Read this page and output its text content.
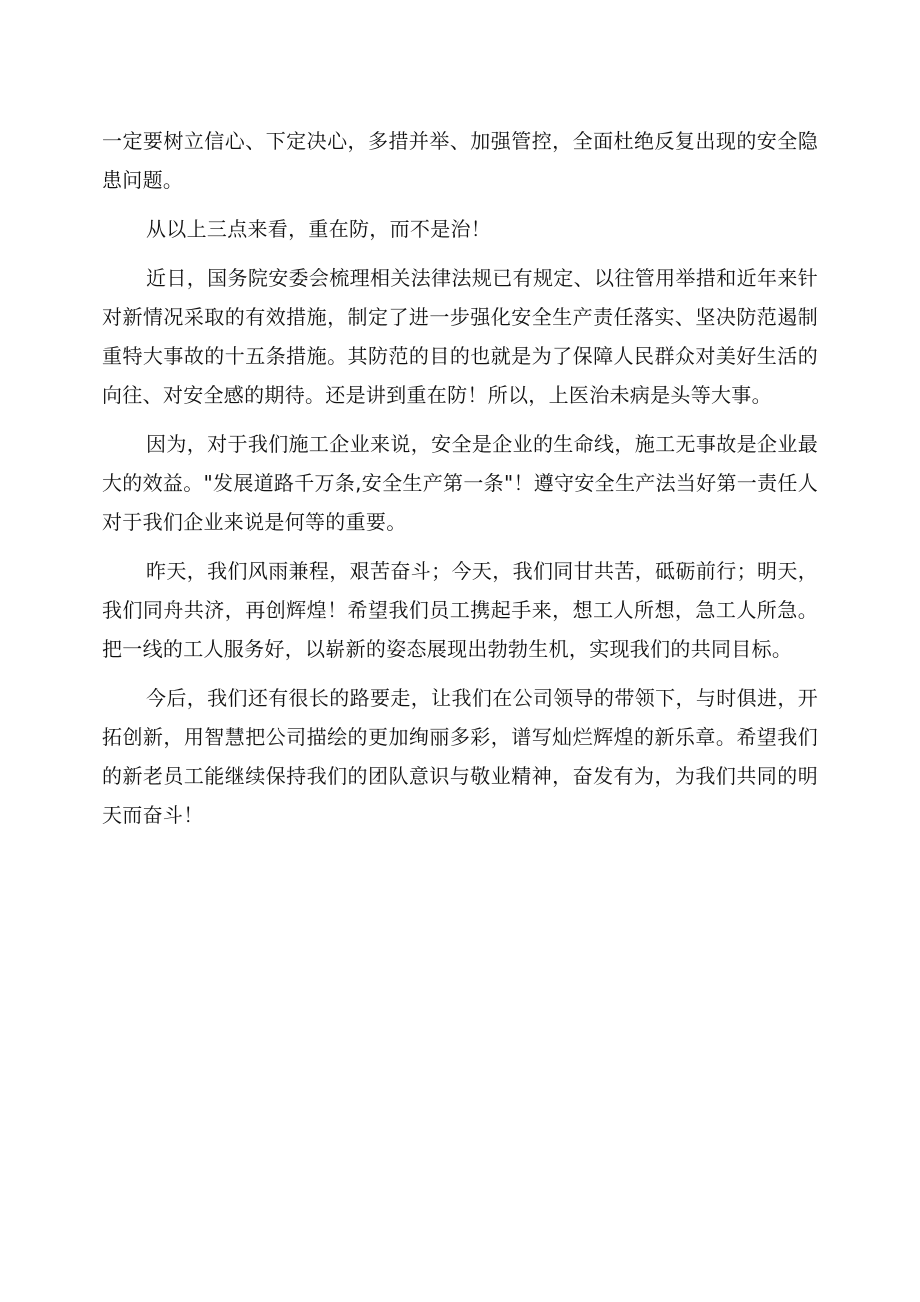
一定要树立信心、下定决心，多措并举、加强管控，全面杜绝反复出现的安全隐患问题。

从以上三点来看，重在防，而不是治！

近日，国务院安委会梳理相关法律法规已有规定、以往管用举措和近年来针对新情况采取的有效措施，制定了进一步强化安全生产责任落实、坚决防范遏制重特大事故的十五条措施。其防范的目的也就是为了保障人民群众对美好生活的向往、对安全感的期待。还是讲到重在防！所以，上医治未病是头等大事。

因为，对于我们施工企业来说，安全是企业的生命线，施工无事故是企业最大的效益。"发展道路千万条,安全生产第一条"！遵守安全生产法当好第一责任人对于我们企业来说是何等的重要。

昨天，我们风雨兼程，艰苦奋斗；今天，我们同甘共苦，砥砺前行；明天，我们同舟共济，再创辉煌！希望我们员工携起手来，想工人所想，急工人所急。把一线的工人服务好，以崭新的姿态展现出勃勃生机，实现我们的共同目标。

今后，我们还有很长的路要走，让我们在公司领导的带领下，与时俱进，开拓创新，用智慧把公司描绘的更加绚丽多彩，谱写灿烂辉煌的新乐章。希望我们的新老员工能继续保持我们的团队意识与敬业精神，奋发有为，为我们共同的明天而奋斗！
